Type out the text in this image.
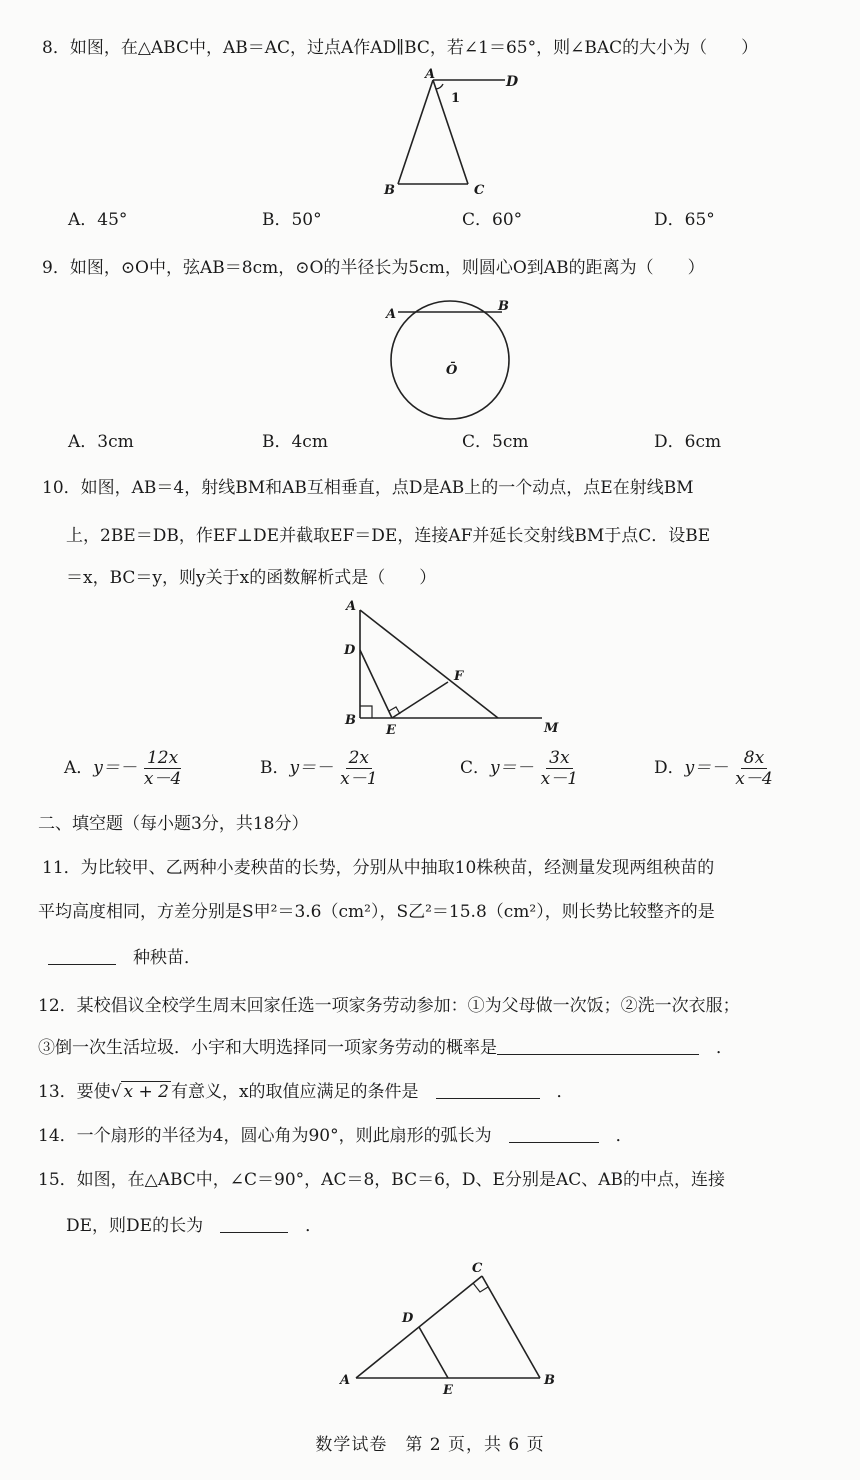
8．如图，在△ABC中，AB＝AC，过点A作AD∥BC，若∠1＝65°，则∠BAC的大小为（　　）
A	D
1
B	C
A．45°	B．50°	C．60°	D．65°
9．如图，⊙O中，弦AB＝8cm，⊙O的半径长为5cm，则圆心O到AB的距离为（　　）
A
B
Ō
A．3cm	B．4cm	C．5cm	D．6cm
10．如图，AB＝4，射线BM和AB互相垂直，点D是AB上的一个动点，点E在射线BM
上，2BE＝DB，作EF⊥DE并截取EF＝DE，连接AF并延长交射线BM于点C．设BE
＝x，BC＝y，则y关于x的函数解析式是（　　）
A
D
F
B
E	M
A．$y=- \frac{12x}{x-4}$	B．$y=- \frac{2x}{x-1}$	C．$y=- \frac{3x}{x-1}$	D．$y=- \frac{8x}{x-4}$
二、填空题（每小题3分，共18分）
11．为比较甲、乙两种小麦秧苗的长势，分别从中抽取10株秧苗，经测量发现两组秧苗的
平均高度相同，方差分别是S甲²＝3.6（cm²），S乙²＝15.8（cm²），则长势比较整齐的是
　种秧苗．
12．某校倡议全校学生周末回家任选一项家务劳动参加：①为父母做一次饭；②洗一次衣服；
③倒一次生活垃圾．小宇和大明选择同一项家务劳动的概率是　	．
13．要使√ x + 2 有意义，x的取值应满足的条件是　　	．
14．一个扇形的半径为4，圆心角为90°，则此扇形的弧长为　　	．
15．如图，在△ABC中，∠C＝90°，AC＝8，BC＝6，D、E分别是AC、AB的中点，连接
DE，则DE的长为　　	．
C
D
A
E
B
数学试卷　第 2 页，共 6 页
